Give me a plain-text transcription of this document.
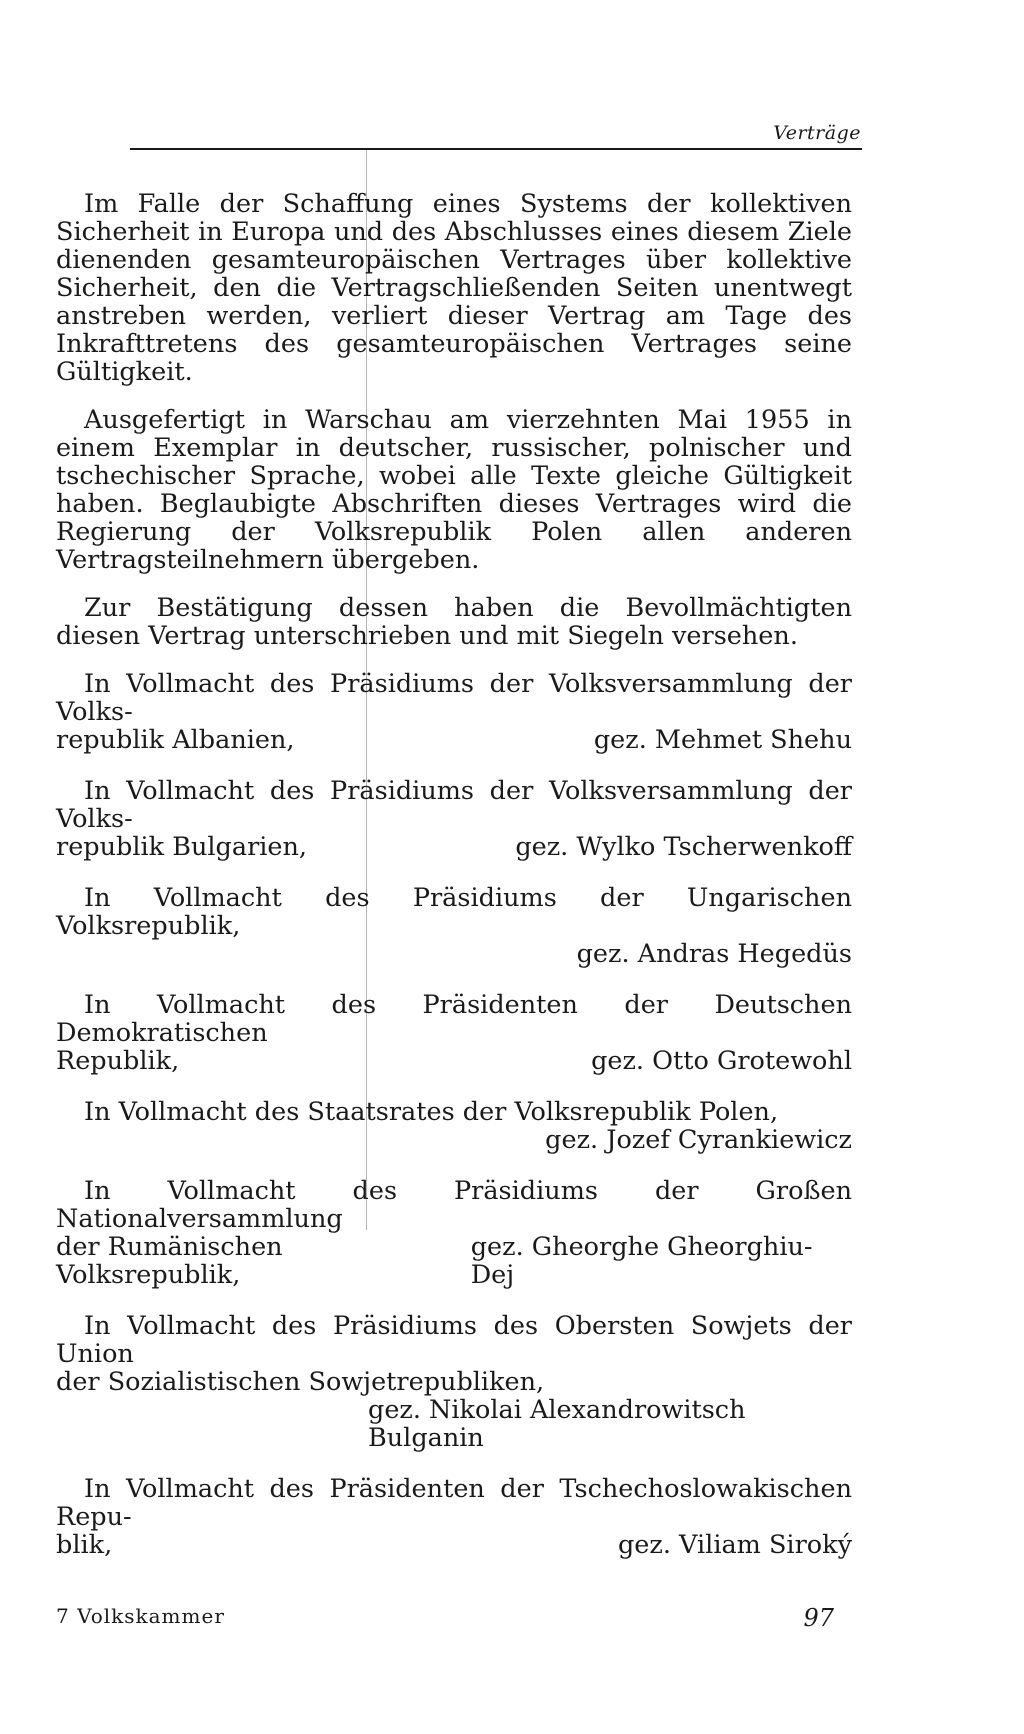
Verträge

Im Falle der Schaffung eines Systems der kollektiven Sicherheit in Europa und des Abschlusses eines diesem Ziele dienenden gesamteuropäischen Vertrages über kollektive Sicherheit, den die Vertragschließenden Seiten unentwegt anstreben werden, verliert dieser Vertrag am Tage des Inkrafttretens des gesamteuropäischen Vertrages seine Gültigkeit.

Ausgefertigt in Warschau am vierzehnten Mai 1955 in einem Exemplar in deutscher, russischer, polnischer und tschechischer Sprache, wobei alle Texte gleiche Gültigkeit haben. Beglaubigte Abschriften dieses Vertrages wird die Regierung der Volksrepublik Polen allen anderen Vertragsteilnehmern übergeben.

Zur Bestätigung dessen haben die Bevollmächtigten diesen Vertrag unterschrieben und mit Siegeln versehen.

In Vollmacht des Präsidiums der Volksversammlung der Volks-

republik Albanien,	gez. Mehmet Shehu

In Vollmacht des Präsidiums der Volksversammlung der Volks-

republik Bulgarien,	gez. Wylko Tscherwenkoff

In Vollmacht des Präsidiums der Ungarischen Volksrepublik,

gez. Andras Hegedüs

In Vollmacht des Präsidenten der Deutschen Demokratischen

Republik,	gez. Otto Grotewohl

In Vollmacht des Staatsrates der Volksrepublik Polen,

gez. Jozef Cyrankiewicz

In Vollmacht des Präsidiums der Großen Nationalversammlung

der Rumänischen Volksrepublik,
gez. Gheorghe Gheorghiu-Dej

In Vollmacht des Präsidiums des Obersten Sowjets der Union

der Sozialistischen Sowjetrepubliken,

gez. Nikolai Alexandrowitsch Bulganin

In Vollmacht des Präsidenten der Tschechoslowakischen Repu-

blik,	gez. Viliam Siroký
7 Volkskammer	97
